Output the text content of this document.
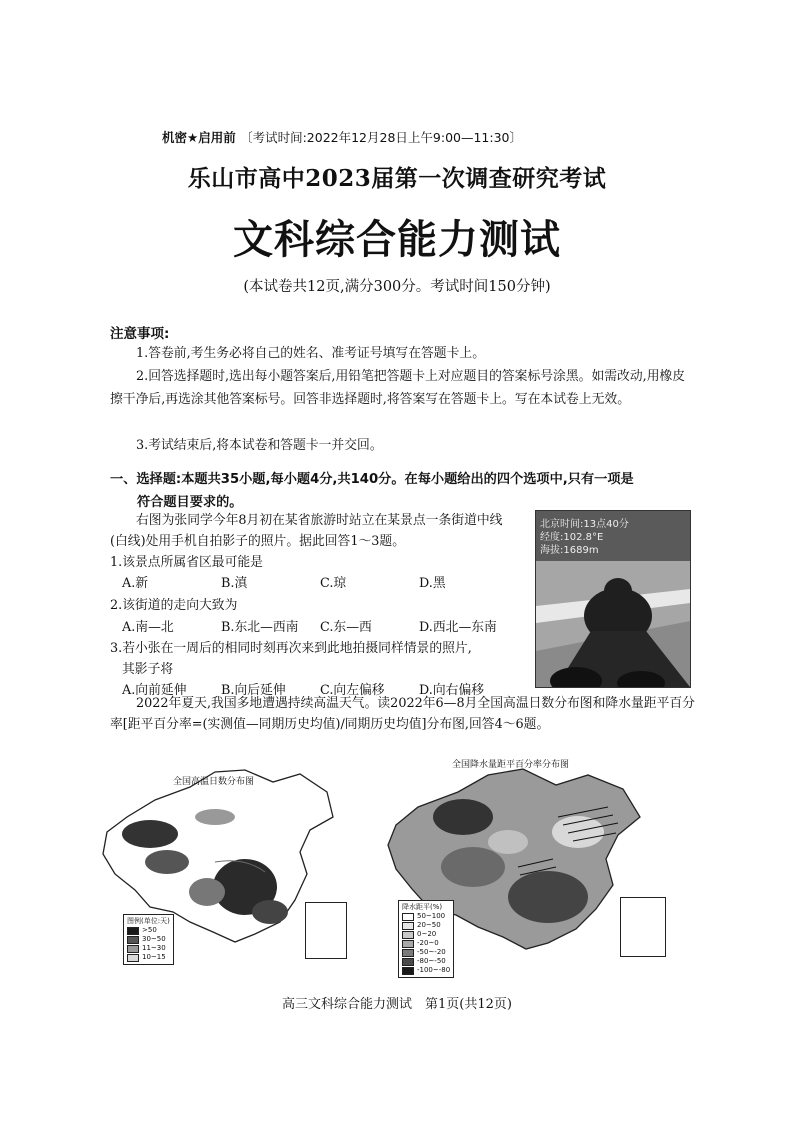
机密★启用前 〔考试时间:2022年12月28日上午9:00—11:30〕
乐山市高中2023届第一次调查研究考试
文科综合能力测试
(本试卷共12页,满分300分。考试时间150分钟)
注意事项:
1.答卷前,考生务必将自己的姓名、准考证号填写在答题卡上。
2.回答选择题时,选出每小题答案后,用铅笔把答题卡上对应题目的答案标号涂黑。如需改动,用橡皮擦干净后,再选涂其他答案标号。回答非选择题时,将答案写在答题卡上。写在本试卷上无效。
3.考试结束后,将本试卷和答题卡一并交回。
一、选择题:本题共35小题,每小题4分,共140分。在每小题给出的四个选项中,只有一项是
符合题目要求的。
右图为张同学今年8月初在某省旅游时站立在某景点一条街道中线(白线)处用手机自拍影子的照片。据此回答1～3题。
1.该景点所属省区最可能是
A.新	B.滇	C.琼	D.黑
2.该街道的走向大致为
A.南—北	B.东北—西南 C.东—西	D.西北—东南
3.若小张在一周后的相同时刻再次来到此地拍摄同样情景的照片,
其影子将
A.向前延伸	B.向后延伸	C.向左偏移	D.向右偏移
北京时间:13点40分
经度:102.8°E
海拔:1689m
2022年夏天,我国多地遭遇持续高温天气。读2022年6—8月全国高温日数分布图和降水量距平百分率[距平百分率=(实测值—同期历史均值)/同期历史均值]分布图,回答4～6题。
全国高温日数分布图
图例(单位:天)
>50
30~50
11~30
10~15
全国降水量距平百分率分布图
降水距平(%)
50~100
20~50
0~20
-20~0
-50~-20
-80~-50
-100~-80
高三文科综合能力测试　第1页(共12页)
